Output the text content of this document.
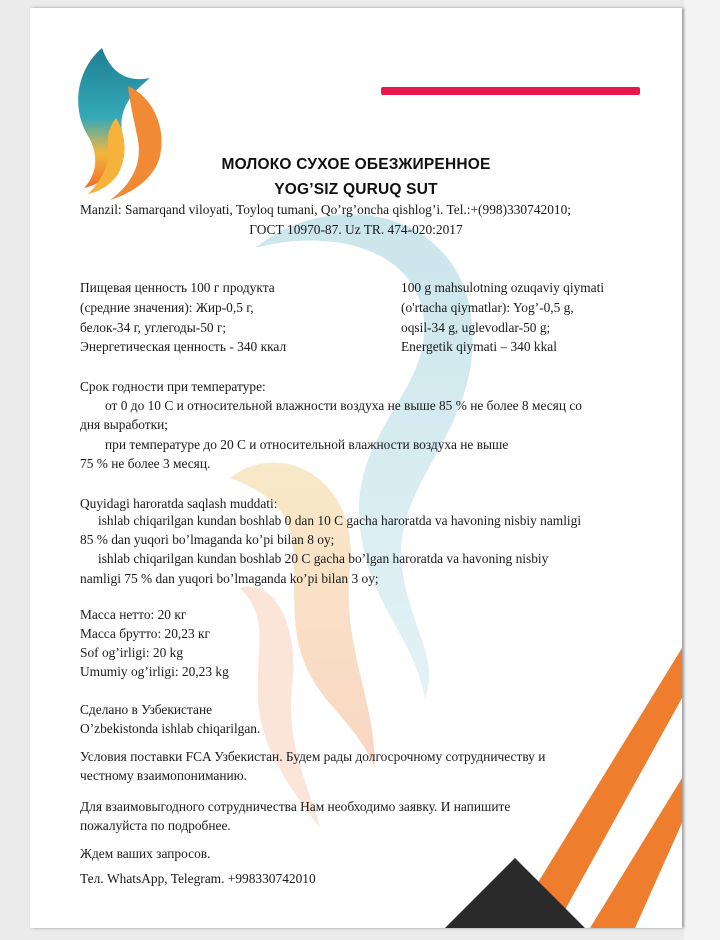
МОЛОКО СУХОЕ ОБЕЗЖИРЕННОЕ
YOG’SIZ QURUQ SUT
Manzil: Samarqand viloyati, Toyloq tumani, Qo’rg’oncha qishlog’i. Tel.:+(998)330742010;
ГОСТ 10970-87. Uz TR. 474-020:2017
Пищевая ценность 100 г продукта
(средние значения): Жир-0,5 г,
белок-34 г, углегоды-50 г;
Энергетическая ценность - 340 ккал
100 g mahsulotning ozuqaviy qiymati
(o'rtacha qiymatlar): Yog’-0,5 g,
oqsil-34 g, uglevodlar-50 g;
Energetik qiymati – 340 kkal
Срок годности при температуре:
от 0 до 10 С и относительной влажности воздуха не выше 85 % не более 8 месяц со
дня выработки;
при температуре до 20 С и относительной влажности воздуха не выше
75 % не более 3 месяц.
Quyidagi haroratda saqlash muddati:
ishlab chiqarilgan kundan boshlab 0 dan 10 C gacha haroratda va havoning nisbiy namligi
85 % dan yuqori bo’lmaganda ko’pi bilan 8 oy;
ishlab chiqarilgan kundan boshlab 20 C gacha bo’lgan haroratda va havoning nisbiy
namligi 75 % dan yuqori bo’lmaganda ko’pi bilan 3 oy;
Масса нетто: 20 кг
Масса брутто: 20,23 кг
Sof og’irligi: 20 kg
Umumiy og’irligi: 20,23 kg
Сделано в Узбекистане
O’zbekistonda ishlab chiqarilgan.
Условия поставки FCA Узбекистан. Будем рады долгосрочному сотрудничеству и
честному взаимопониманию.
Для взаимовыгодного сотрудничества Нам необходимо заявку. И напишите
пожалуйста по подробнее.
Ждем ваших запросов.
Тел. WhatsApp, Telegram. +998330742010
